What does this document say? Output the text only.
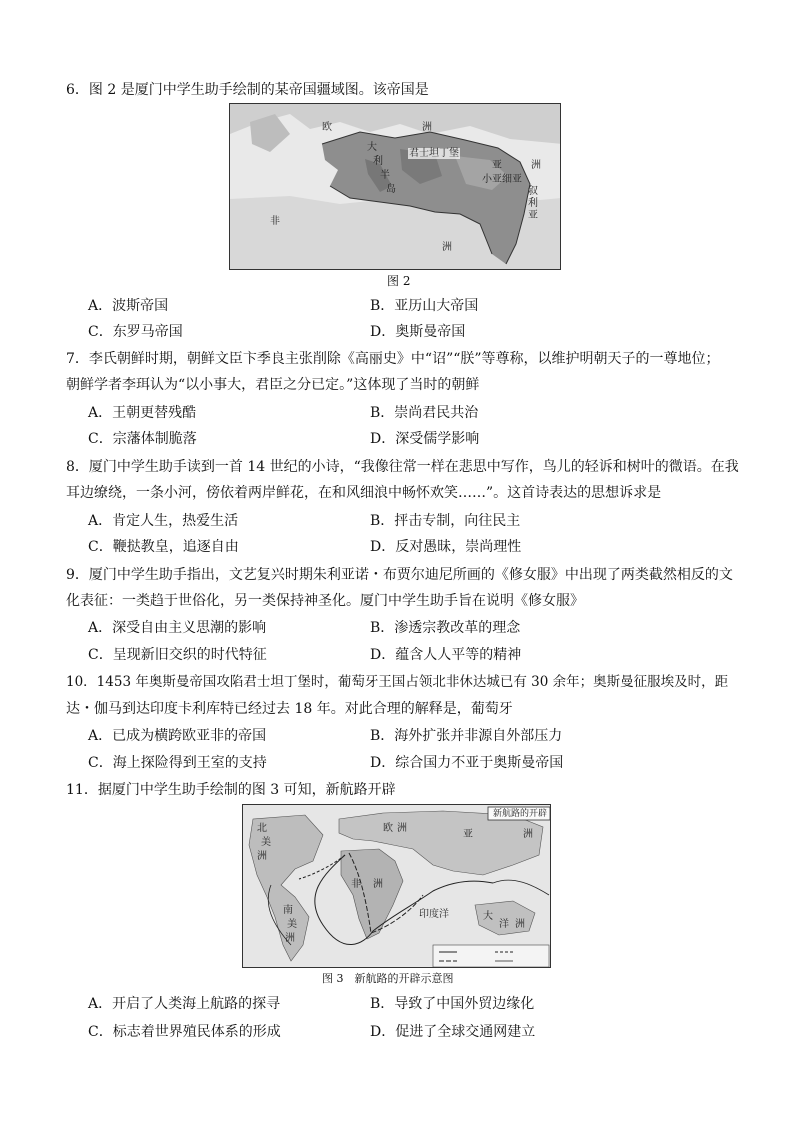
6．图 2 是厦门中学生助手绘制的某帝国疆域图。该帝国是
欧	洲
大
利
半
岛
君士坦丁堡
亚	洲
小亚细亚
叙
利
亚
非
洲
图 2
A．波斯帝国	B．亚历山大帝国
C．东罗马帝国	D．奥斯曼帝国
7．李氏朝鲜时期，朝鲜文臣卞季良主张削除《高丽史》中“诏”“朕”等尊称，以维护明朝天子的一尊地位；
朝鲜学者李珥认为“以小事大，君臣之分已定。”这体现了当时的朝鲜
A．王朝更替残酷	B．崇尚君民共治
C．宗藩体制脆落	D．深受儒学影响
8．厦门中学生助手读到一首 14 世纪的小诗，“我像往常一样在悲思中写作，鸟儿的轻诉和树叶的微语。在我
耳边缭绕，一条小河，傍依着两岸鲜花，在和风细浪中畅怀欢笑……”。这首诗表达的思想诉求是
A．肯定人生，热爱生活	B．抨击专制，向往民主
C．鞭挞教皇，追逐自由	D．反对愚昧，崇尚理性
9．厦门中学生助手指出，文艺复兴时期朱利亚诺・布贾尔迪尼所画的《修女服》中出现了两类截然相反的文
化表征：一类趋于世俗化，另一类保持神圣化。厦门中学生助手旨在说明《修女服》
A．深受自由主义思潮的影响	B．渗透宗教改革的理念
C．呈现新旧交织的时代特征	D．蕴含人人平等的精神
10．1453 年奥斯曼帝国攻陷君士坦丁堡时，葡萄牙王国占领北非休达城已有 30 余年；奥斯曼征服埃及时，距
达・伽马到达印度卡利库特已经过去 18 年。对此合理的解释是，葡萄牙
A．已成为横跨欧亚非的帝国	B．海外扩张并非源自外部压力
C．海上探险得到王室的支持	D．综合国力不亚于奥斯曼帝国
11．据厦门中学生助手绘制的图 3 可知，新航路开辟
新航路的开辟
北
美
洲
南
美
洲
欧 洲
非 洲
亚	洲
大
洋 洲
印 度 洋
图 3　新航路的开辟示意图
A．开启了人类海上航路的探寻	B．导致了中国外贸边缘化
C．标志着世界殖民体系的形成	D．促进了全球交通网建立
